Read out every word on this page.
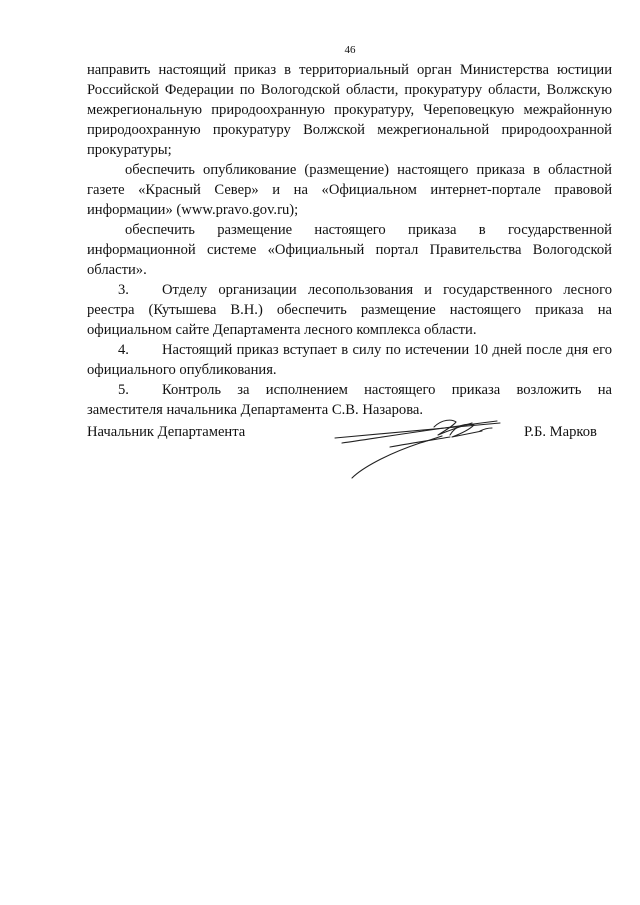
46

направить настоящий приказ в территориальный орган Министерства юстиции Российской Федерации по Вологодской области, прокуратуру области, Волжскую межрегиональную природоохранную прокуратуру, Череповецкую межрайонную природоохранную прокуратуру Волжской межрегиональной природоохранной прокуратуры;

обеспечить опубликование (размещение) настоящего приказа в областной газете «Красный Север» и на «Официальном интернет-портале правовой информации» (www.pravo.gov.ru);

обеспечить размещение настоящего приказа в государственной информационной системе «Официальный портал Правительства Вологодской области».

3. Отделу организации лесопользования и государственного лесного реестра (Кутышева В.Н.) обеспечить размещение настоящего приказа на официальном сайте Департамента лесного комплекса области.

4. Настоящий приказ вступает в силу по истечении 10 дней после дня его официального опубликования.

5. Контроль за исполнением настоящего приказа возложить на заместителя начальника Департамента С.В. Назарова.

Начальник Департамента	Р.Б. Марков
